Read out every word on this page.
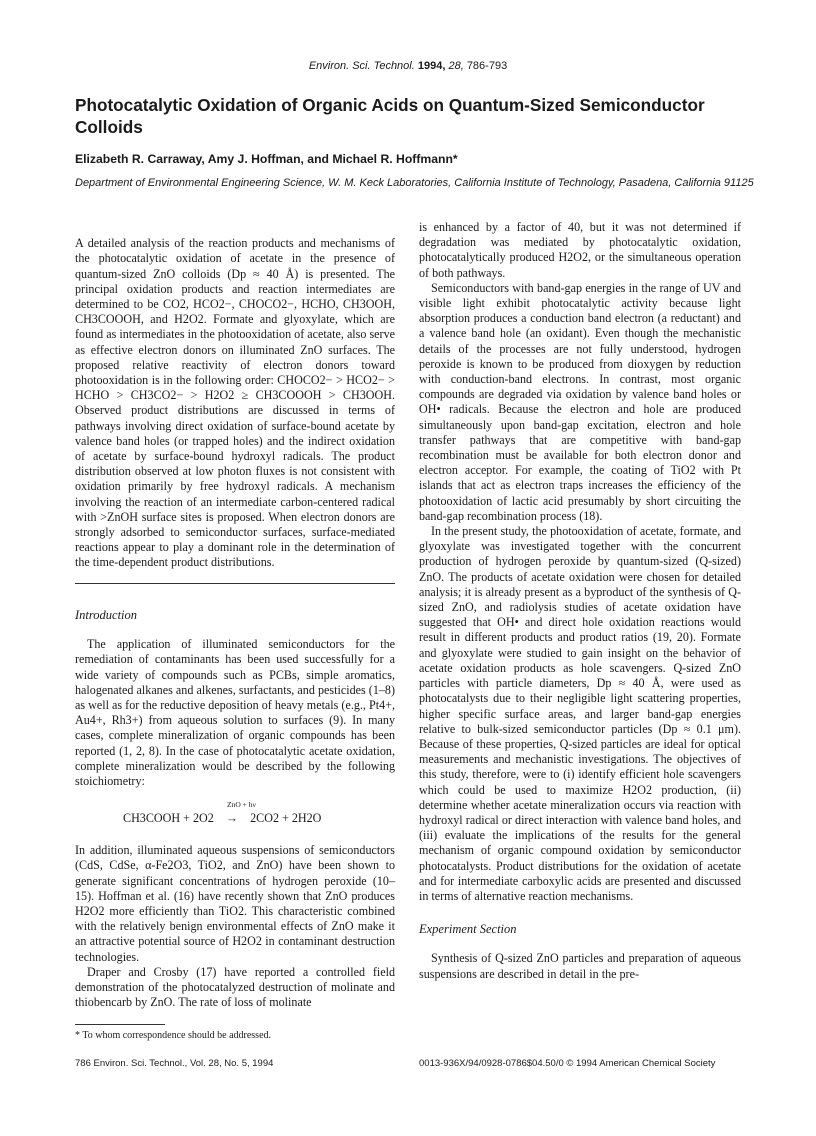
Environ. Sci. Technol. 1994, 28, 786-793
Photocatalytic Oxidation of Organic Acids on Quantum-Sized Semiconductor Colloids
Elizabeth R. Carraway, Amy J. Hoffman, and Michael R. Hoffmann*
Department of Environmental Engineering Science, W. M. Keck Laboratories, California Institute of Technology, Pasadena, California 91125

A detailed analysis of the reaction products and mechanisms of the photocatalytic oxidation of acetate in the presence of quantum-sized ZnO colloids (Dp ≈ 40 Å) is presented. The principal oxidation products and reaction intermediates are determined to be CO2, HCO2−, CHOCO2−, HCHO, CH3OOH, CH3COOOH, and H2O2. Formate and glyoxylate, which are found as intermediates in the photooxidation of acetate, also serve as effective electron donors on illuminated ZnO surfaces. The proposed relative reactivity of electron donors toward photooxidation is in the following order: CHOCO2− > HCO2− > HCHO > CH3CO2− > H2O2 ≥ CH3COOOH > CH3OOH. Observed product distributions are discussed in terms of pathways involving direct oxidation of surface-bound acetate by valence band holes (or trapped holes) and the indirect oxidation of acetate by surface-bound hydroxyl radicals. The product distribution observed at low photon fluxes is not consistent with oxidation primarily by free hydroxyl radicals. A mechanism involving the reaction of an intermediate carbon-centered radical with >ZnOH surface sites is proposed. When electron donors are strongly adsorbed to semiconductor surfaces, surface-mediated reactions appear to play a dominant role in the determination of the time-dependent product distributions.

Introduction

The application of illuminated semiconductors for the remediation of contaminants has been used successfully for a wide variety of compounds such as PCBs, simple aromatics, halogenated alkanes and alkenes, surfactants, and pesticides (1–8) as well as for the reductive deposition of heavy metals (e.g., Pt4+, Au4+, Rh3+) from aqueous solution to surfaces (9). In many cases, complete mineralization of organic compounds has been reported (1, 2, 8). In the case of photocatalytic acetate oxidation, complete mineralization would be described by the following stoichiometry:

ZnO + hν
CH3COOH + 2O2 → 2CO2 + 2H2O

In addition, illuminated aqueous suspensions of semiconductors (CdS, CdSe, α-Fe2O3, TiO2, and ZnO) have been shown to generate significant concentrations of hydrogen peroxide (10–15). Hoffman et al. (16) have recently shown that ZnO produces H2O2 more efficiently than TiO2. This characteristic combined with the relatively benign environmental effects of ZnO make it an attractive potential source of H2O2 in contaminant destruction technologies.

Draper and Crosby (17) have reported a controlled field demonstration of the photocatalyzed destruction of molinate and thiobencarb by ZnO. The rate of loss of molinate

* To whom correspondence should be addressed.

is enhanced by a factor of 40, but it was not determined if degradation was mediated by photocatalytic oxidation, photocatalytically produced H2O2, or the simultaneous operation of both pathways.

Semiconductors with band-gap energies in the range of UV and visible light exhibit photocatalytic activity because light absorption produces a conduction band electron (a reductant) and a valence band hole (an oxidant). Even though the mechanistic details of the processes are not fully understood, hydrogen peroxide is known to be produced from dioxygen by reduction with conduction-band electrons. In contrast, most organic compounds are degraded via oxidation by valence band holes or OH• radicals. Because the electron and hole are produced simultaneously upon band-gap excitation, electron and hole transfer pathways that are competitive with band-gap recombination must be available for both electron donor and electron acceptor. For example, the coating of TiO2 with Pt islands that act as electron traps increases the efficiency of the photooxidation of lactic acid presumably by short circuiting the band-gap recombination process (18).

In the present study, the photooxidation of acetate, formate, and glyoxylate was investigated together with the concurrent production of hydrogen peroxide by quantum-sized (Q-sized) ZnO. The products of acetate oxidation were chosen for detailed analysis; it is already present as a byproduct of the synthesis of Q-sized ZnO, and radiolysis studies of acetate oxidation have suggested that OH• and direct hole oxidation reactions would result in different products and product ratios (19, 20). Formate and glyoxylate were studied to gain insight on the behavior of acetate oxidation products as hole scavengers. Q-sized ZnO particles with particle diameters, Dp ≈ 40 Å, were used as photocatalysts due to their negligible light scattering properties, higher specific surface areas, and larger band-gap energies relative to bulk-sized semiconductor particles (Dp ≈ 0.1 μm). Because of these properties, Q-sized particles are ideal for optical measurements and mechanistic investigations. The objectives of this study, therefore, were to (i) identify efficient hole scavengers which could be used to maximize H2O2 production, (ii) determine whether acetate mineralization occurs via reaction with hydroxyl radical or direct interaction with valence band holes, and (iii) evaluate the implications of the results for the general mechanism of organic compound oxidation by semiconductor photocatalysts. Product distributions for the oxidation of acetate and for intermediate carboxylic acids are presented and discussed in terms of alternative reaction mechanisms.

Experiment Section

Synthesis of Q-sized ZnO particles and preparation of aqueous suspensions are described in detail in the pre-

786 Environ. Sci. Technol., Vol. 28, No. 5, 1994	0013-936X/94/0928-0786$04.50/0 © 1994 American Chemical Society
